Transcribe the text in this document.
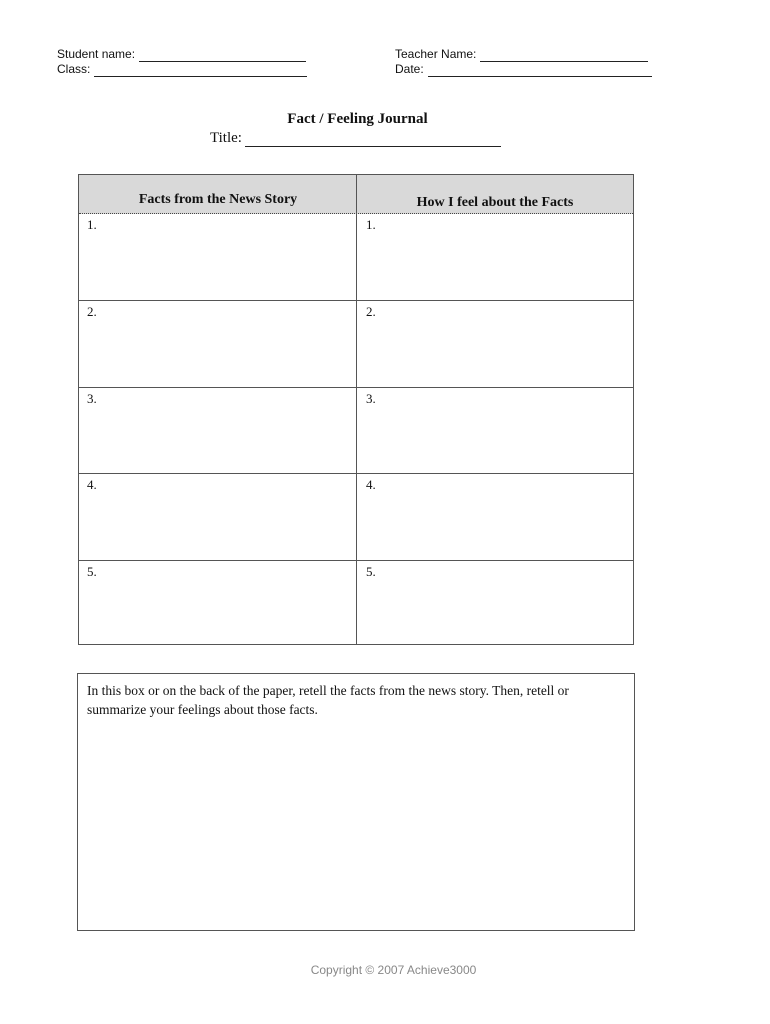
Student name:
Class:
Teacher Name:
Date:
Fact / Feeling Journal
Title:
Facts from the News Story	How I feel about the Facts
1.	1.
2.	2.
3.	3.
4.	4.
5.	5.
In this box or on the back of the paper, retell the facts from the news story. Then, retell or summarize your feelings about those facts.
Copyright © 2007 Achieve3000
